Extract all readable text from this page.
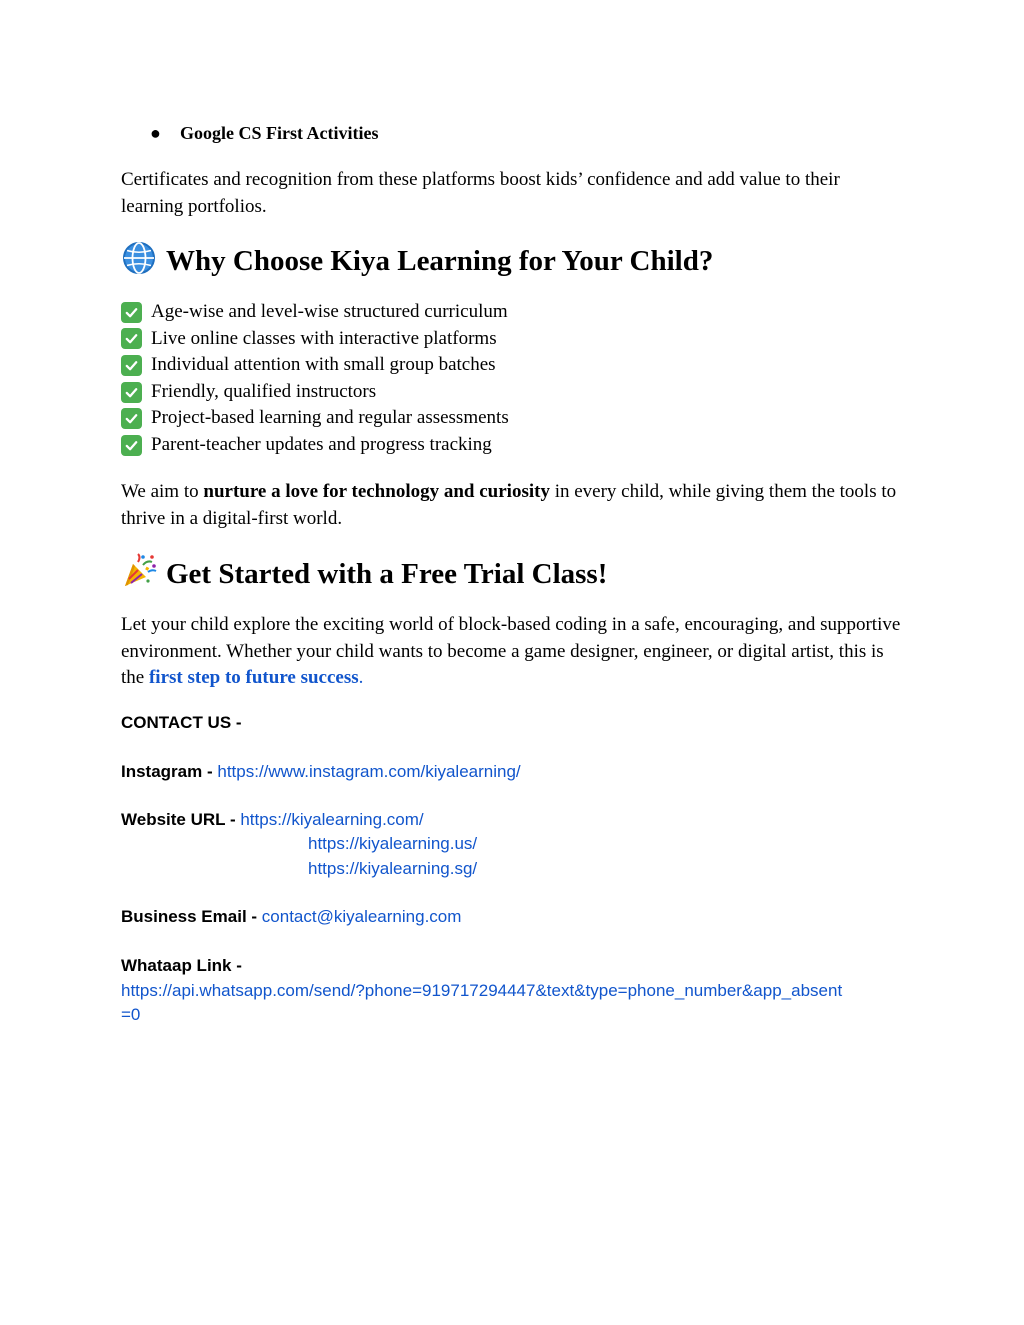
● Google CS First Activities
Certificates and recognition from these platforms boost kids’ confidence and add value to their learning portfolios.
Why Choose Kiya Learning for Your Child?
Age-wise and level-wise structured curriculum
Live online classes with interactive platforms
Individual attention with small group batches
Friendly, qualified instructors
Project-based learning and regular assessments
Parent-teacher updates and progress tracking
We aim to nurture a love for technology and curiosity in every child, while giving them the tools to thrive in a digital-first world.
Get Started with a Free Trial Class!
Let your child explore the exciting world of block-based coding in a safe, encouraging, and supportive environment. Whether your child wants to become a game designer, engineer, or digital artist, this is the first step to future success.
CONTACT US -
Instagram - https://www.instagram.com/kiyalearning/
Website URL - https://kiyalearning.com/
https://kiyalearning.us/
https://kiyalearning.sg/
Business Email - contact@kiyalearning.com
Whataap Link -
https://api.whatsapp.com/send/?phone=919717294447&text&type=phone_number&app_absent
=0
